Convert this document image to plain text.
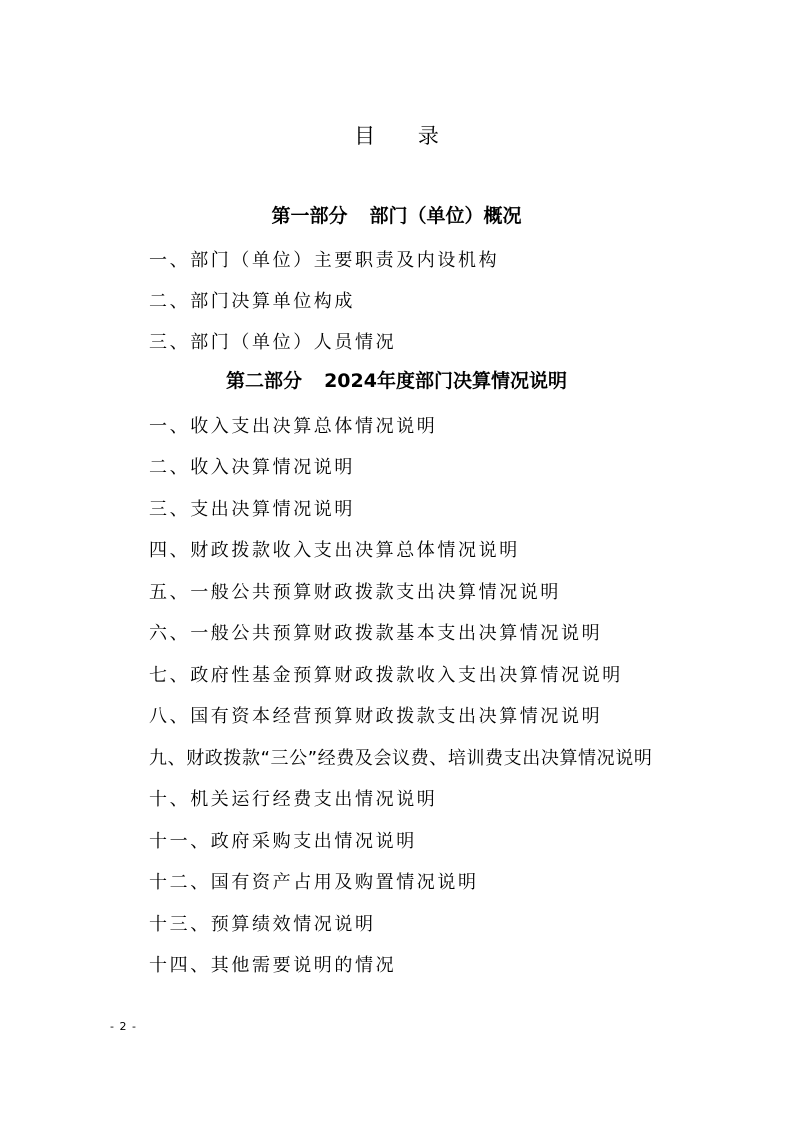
目 录
第一部分 部门（单位）概况
一、部门（单位）主要职责及内设机构
二、部门决算单位构成
三、部门（单位）人员情况
第二部分 2024年度部门决算情况说明
一、收入支出决算总体情况说明
二、收入决算情况说明
三、支出决算情况说明
四、财政拨款收入支出决算总体情况说明
五、一般公共预算财政拨款支出决算情况说明
六、一般公共预算财政拨款基本支出决算情况说明
七、政府性基金预算财政拨款收入支出决算情况说明
八、国有资本经营预算财政拨款支出决算情况说明
九、财政拨款“三公”经费及会议费、培训费支出决算情况说明
十、机关运行经费支出情况说明
十一、政府采购支出情况说明
十二、国有资产占用及购置情况说明
十三、预算绩效情况说明
十四、其他需要说明的情况
- 2 -
